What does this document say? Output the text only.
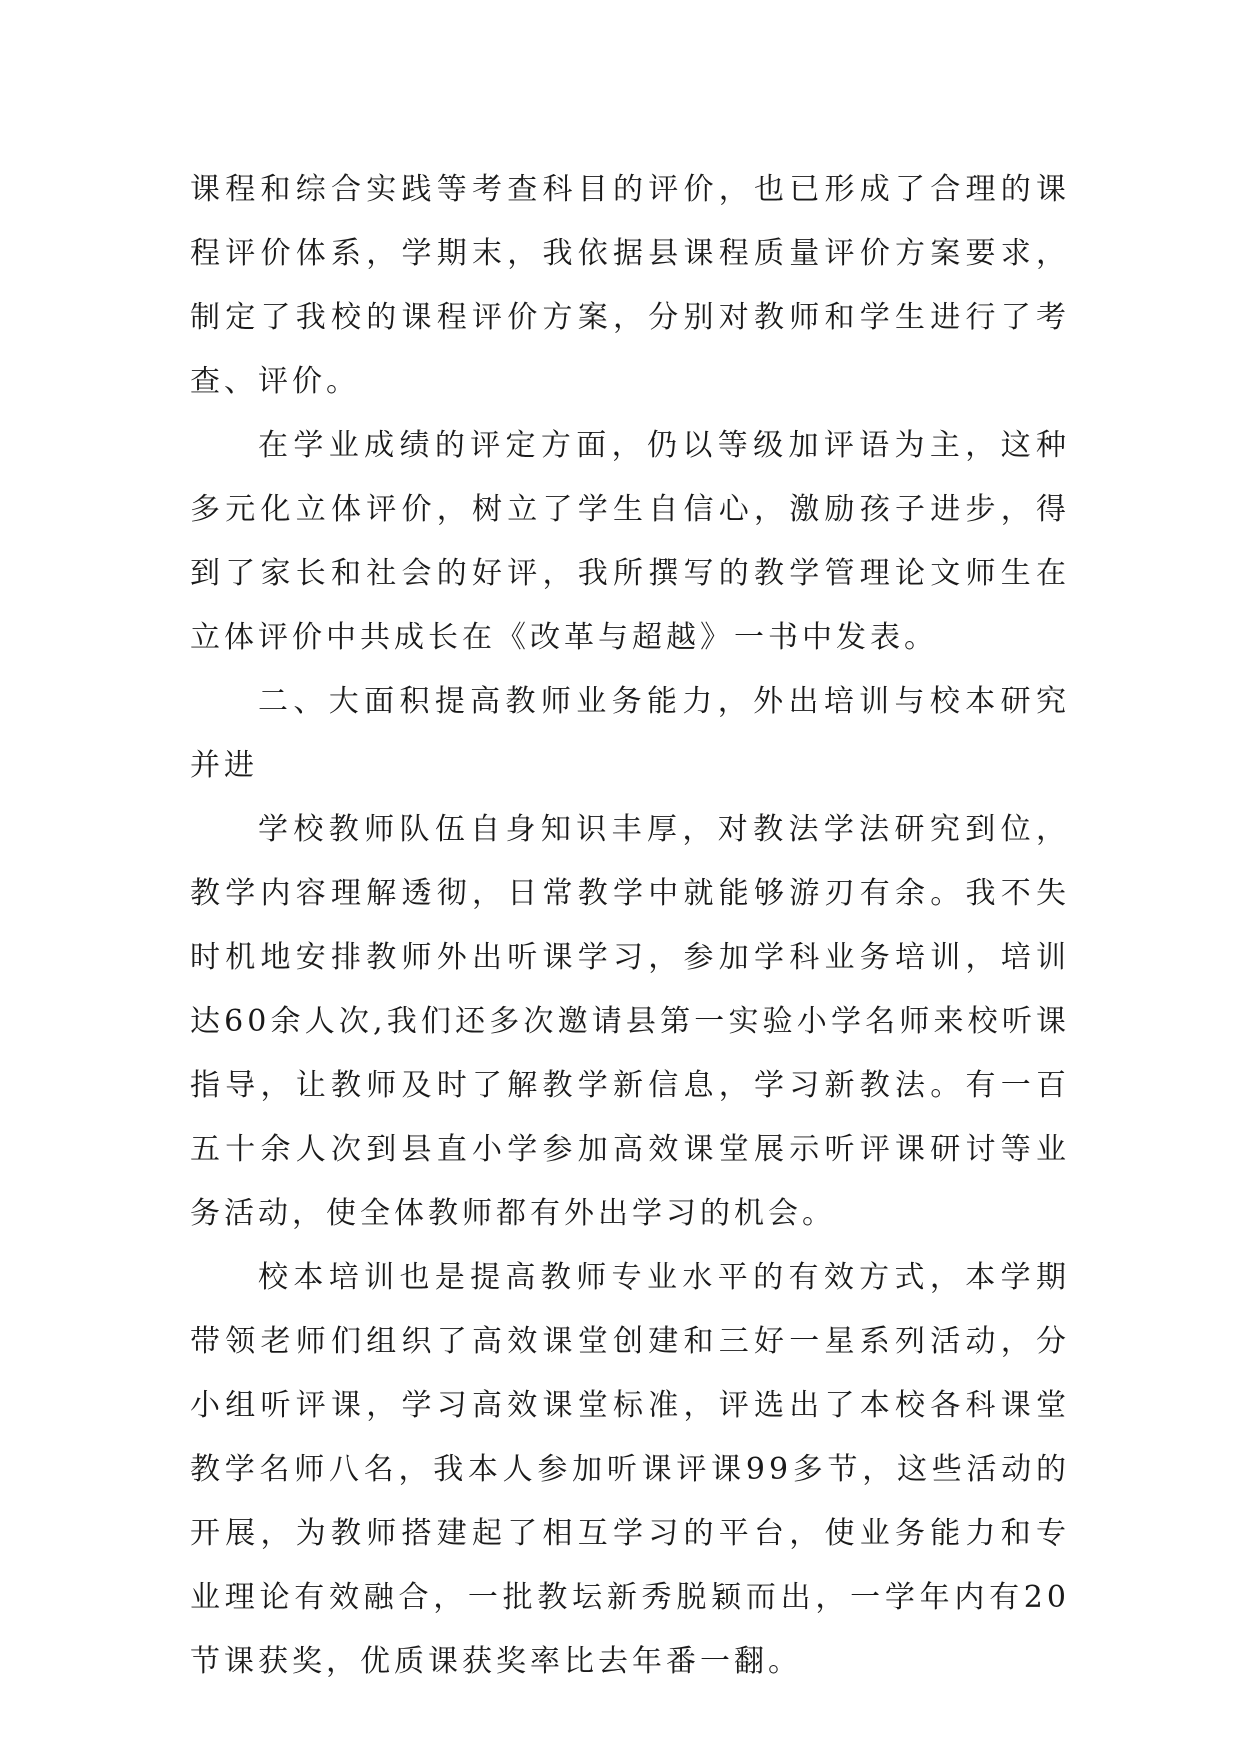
课程和综合实践等考查科目的评价，也已形成了合理的课程评价体系，学期末，我依据县课程质量评价方案要求，制定了我校的课程评价方案，分别对教师和学生进行了考查、评价。

在学业成绩的评定方面，仍以等级加评语为主，这种多元化立体评价，树立了学生自信心，激励孩子进步，得到了家长和社会的好评，我所撰写的教学管理论文师生在立体评价中共成长在《改革与超越》一书中发表。

二、大面积提高教师业务能力，外出培训与校本研究并进

学校教师队伍自身知识丰厚，对教法学法研究到位，教学内容理解透彻，日常教学中就能够游刃有余。我不失时机地安排教师外出听课学习，参加学科业务培训，培训达60余人次,我们还多次邀请县第一实验小学名师来校听课指导，让教师及时了解教学新信息，学习新教法。有一百五十余人次到县直小学参加高效课堂展示听评课研讨等业务活动，使全体教师都有外出学习的机会。

校本培训也是提高教师专业水平的有效方式，本学期带领老师们组织了高效课堂创建和三好一星系列活动，分小组听评课，学习高效课堂标准，评选出了本校各科课堂教学名师八名，我本人参加听课评课99多节，这些活动的开展，为教师搭建起了相互学习的平台，使业务能力和专业理论有效融合，一批教坛新秀脱颖而出，一学年内有20节课获奖，优质课获奖率比去年番一翻。
